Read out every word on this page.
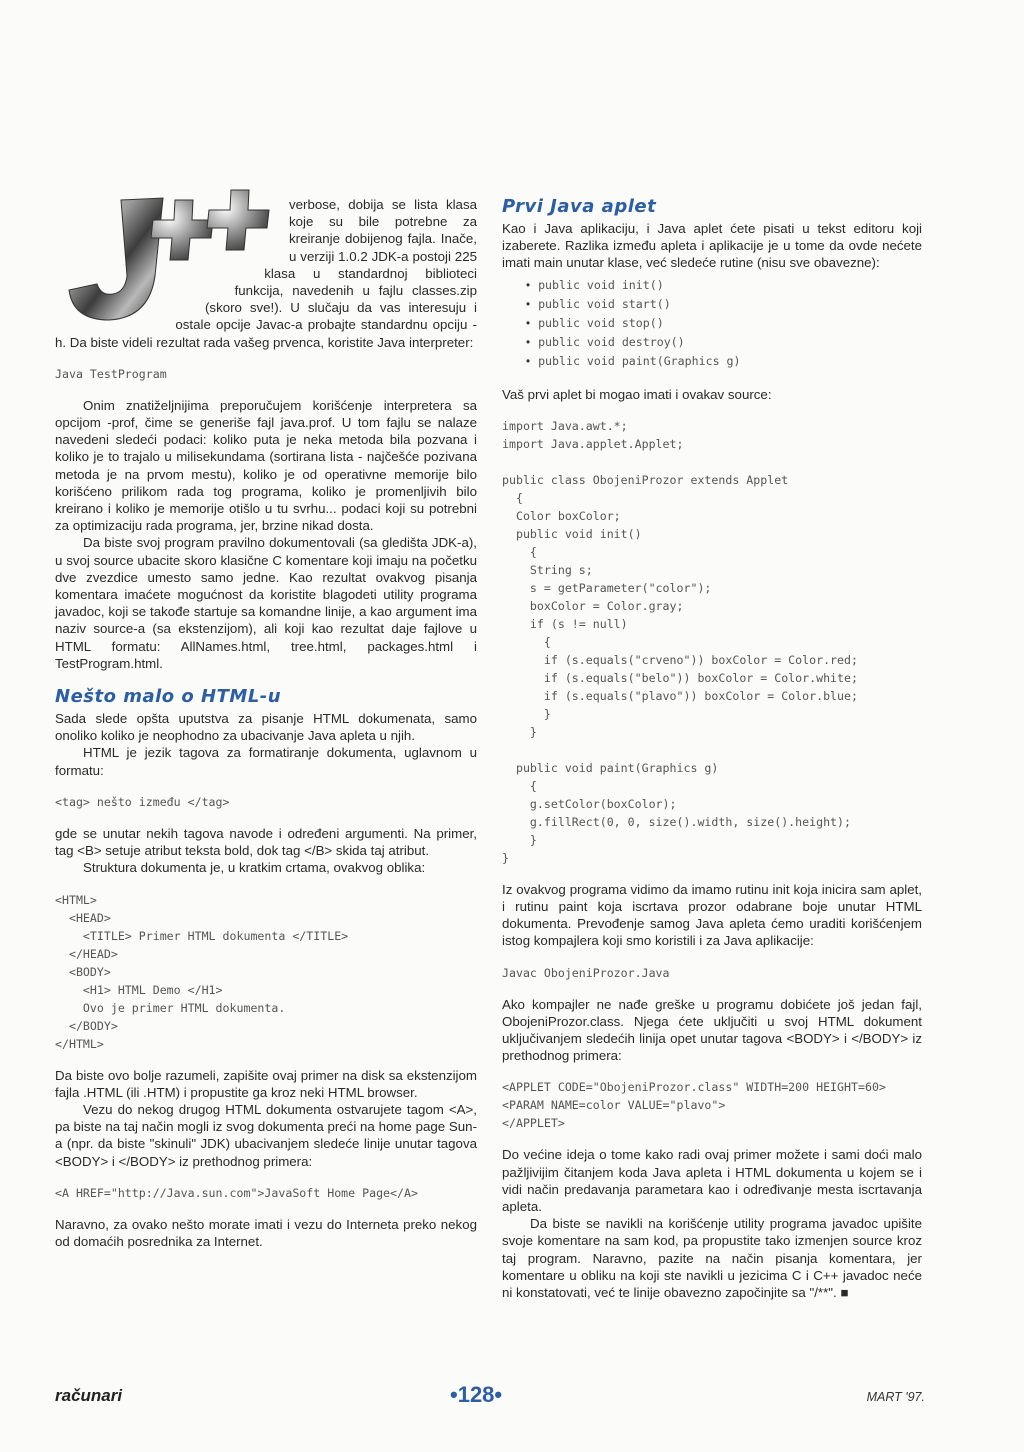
verbose, dobija se lista klasa koje su bile potrebne za kreiranje dobijenog fajla. Inače, u verziji 1.0.2 JDK-a postoji 225 klasa u standardnoj biblioteci funkcija, navedenih u fajlu classes.zip (skoro sve!). U slučaju da vas interesuju i ostale opcije Javac-a probajte standardnu opciju -h. Da biste videli rezultat rada vašeg prvenca, koristite Java interpreter:

Java TestProgram

Onim znatiželjnijima preporučujem korišćenje interpretera sa opcijom -prof, čime se generiše fajl java.prof. U tom fajlu se nalaze navedeni sledeći podaci: koliko puta je neka metoda bila pozvana i koliko je to trajalo u milisekundama (sortirana lista - najčešće pozivana metoda je na prvom mestu), koliko je od operativne memorije bilo korišćeno prilikom rada tog programa, koliko je promenljivih bilo kreirano i koliko je memorije otišlo u tu svrhu... podaci koji su potrebni za optimizaciju rada programa, jer, brzine nikad dosta.

Da biste svoj program pravilno dokumentovali (sa gledišta JDK-a), u svoj source ubacite skoro klasične C komentare koji imaju na početku dve zvezdice umesto samo jedne. Kao rezultat ovakvog pisanja komentara imaćete mogućnost da koristite blagodeti utility programa javadoc, koji se takođe startuje sa komandne linije, a kao argument ima naziv source-a (sa ekstenzijom), ali koji kao rezultat daje fajlove u HTML formatu: AllNames.html, tree.html, packages.html i TestProgram.html.

Nešto malo o HTML-u

Sada slede opšta uputstva za pisanje HTML dokumenata, samo onoliko koliko je neophodno za ubacivanje Java apleta u njih.

HTML je jezik tagova za formatiranje dokumenta, uglavnom u formatu:

<tag> nešto između </tag>

gde se unutar nekih tagova navode i određeni argumenti. Na primer, tag <B> setuje atribut teksta bold, dok tag </B> skida taj atribut.

Struktura dokumenta je, u kratkim crtama, ovakvog oblika:

<HTML>
<HEAD>
<TITLE> Primer HTML dokumenta </TITLE>
</HEAD>
<BODY>
<H1> HTML Demo </H1>
Ovo je primer HTML dokumenta.
</BODY>
</HTML>

Da biste ovo bolje razumeli, zapišite ovaj primer na disk sa ekstenzijom fajla .HTML (ili .HTM) i propustite ga kroz neki HTML browser.

Vezu do nekog drugog HTML dokumenta ostvarujete tagom <A>, pa biste na taj način mogli iz svog dokumenta preći na home page Sun-a (npr. da biste "skinuli" JDK) ubacivanjem sledeće linije unutar tagova <BODY> i </BODY> iz prethodnog primera:

<A HREF="http://Java.sun.com">JavaSoft Home Page</A>

Naravno, za ovako nešto morate imati i vezu do Interneta preko nekog od domaćih posrednika za Internet.

Prvi Java aplet

Kao i Java aplikaciju, i Java aplet ćete pisati u tekst editoru koji izaberete. Razlika između apleta i aplikacije je u tome da ovde nećete imati main unutar klase, već sledeće rutine (nisu sve obavezne):

• public void init()
• public void start()
• public void stop()
• public void destroy()
• public void paint(Graphics g)

Vaš prvi aplet bi mogao imati i ovakav source:

import Java.awt.*;
import Java.applet.Applet;

public class ObojeniProzor extends Applet
{
Color boxColor;
public void init()
{
String s;
s = getParameter("color");
boxColor = Color.gray;
if (s != null)
{
if (s.equals("crveno")) boxColor = Color.red;
if (s.equals("belo")) boxColor = Color.white;
if (s.equals("plavo")) boxColor = Color.blue;
}
}

public void paint(Graphics g)
{
g.setColor(boxColor);
g.fillRect(0, 0, size().width, size().height);
}
}

Iz ovakvog programa vidimo da imamo rutinu init koja inicira sam aplet, i rutinu paint koja iscrtava prozor odabrane boje unutar HTML dokumenta. Prevođenje samog Java apleta ćemo uraditi korišćenjem istog kompajlera koji smo koristili i za Java aplikacije:

Javac ObojeniProzor.Java

Ako kompajler ne nađe greške u programu dobićete još jedan fajl, ObojeniProzor.class. Njega ćete uključiti u svoj HTML dokument uključivanjem sledećih linija opet unutar tagova <BODY> i </BODY> iz prethodnog primera:

<APPLET CODE="ObojeniProzor.class" WIDTH=200 HEIGHT=60>
<PARAM NAME=color VALUE="plavo">
</APPLET>

Do većine ideja o tome kako radi ovaj primer možete i sami doći malo pažljivijim čitanjem koda Java apleta i HTML dokumenta u kojem se i vidi način predavanja parametara kao i određivanje mesta iscrtavanja apleta.

Da biste se navikli na korišćenje utility programa javadoc upišite svoje komentare na sam kod, pa propustite tako izmenjen source kroz taj program. Naravno, pazite na način pisanja komentara, jer komentare u obliku na koji ste navikli u jezicima C i C++ javadoc neće ni konstatovati, već te linije obavezno započinjite sa "/**". ■

računari	•128•	MART '97.
